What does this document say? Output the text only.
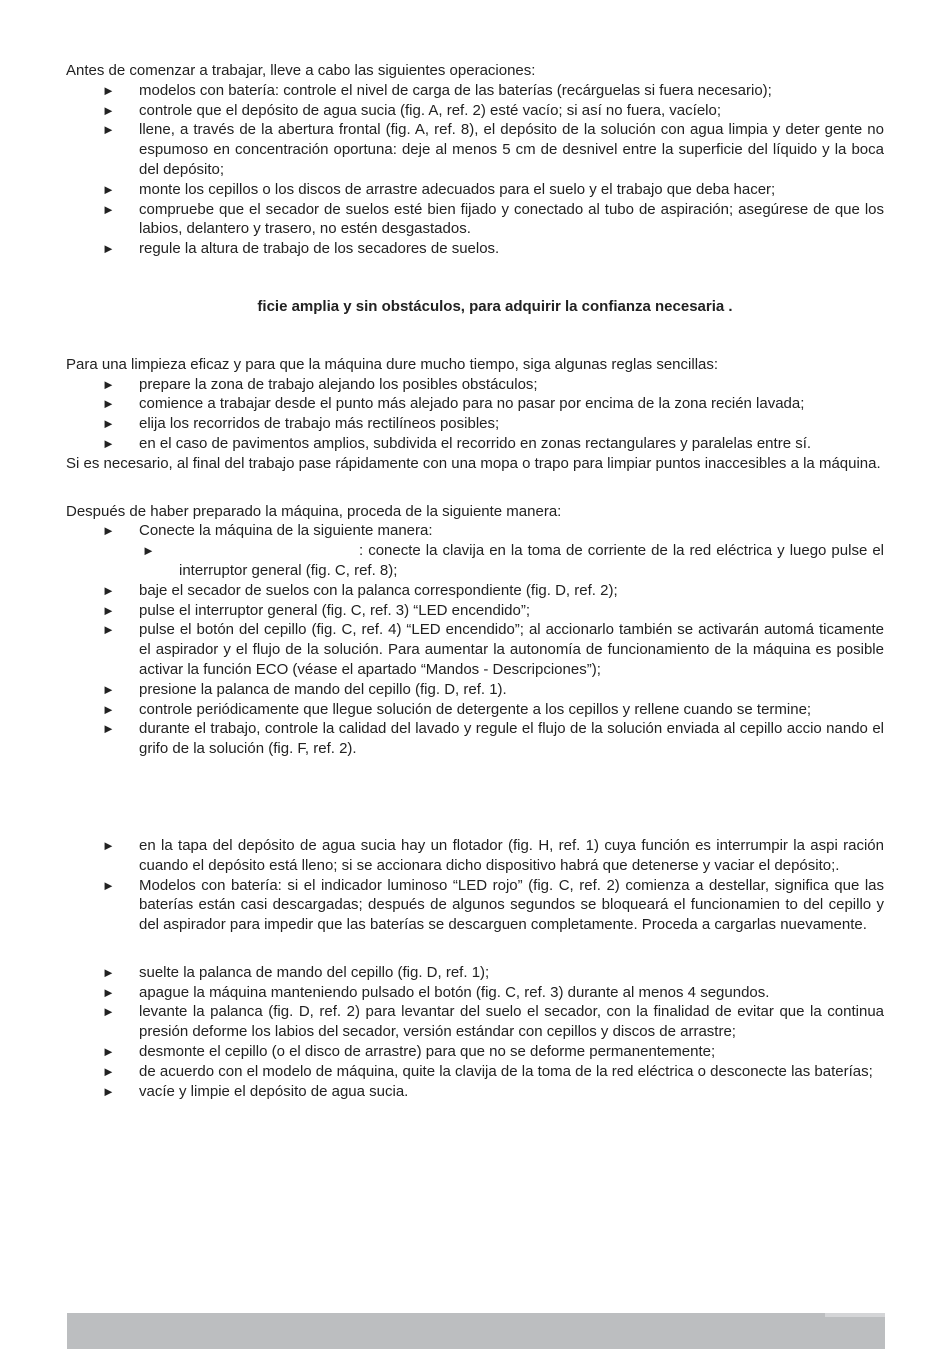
Antes de comenzar a trabajar, lleve a cabo las siguientes operaciones:

► modelos con batería: controle el nivel de carga de las baterías (recárguelas si fuera necesario);
► controle que el depósito de agua sucia (fig. A, ref. 2) esté vacío; si así no fuera, vacíelo;
► llene, a través de la abertura frontal (fig. A, ref. 8), el depósito de la solución con agua limpia y deter gente no espumoso en concentración oportuna: deje al menos 5 cm de desnivel entre la superficie del líquido y la boca del depósito;
► monte los cepillos o los discos de arrastre adecuados para el suelo y el trabajo que deba hacer;
► compruebe que el secador de suelos esté bien fijado y conectado al tubo de aspiración; asegúrese de que los labios, delantero y trasero, no estén desgastados.
► regule la altura de trabajo de los secadores de suelos.

ficie amplia y sin obstáculos, para adquirir la confianza necesaria .

Para una limpieza eficaz y para que la máquina dure mucho tiempo, siga algunas reglas sencillas:

► prepare la zona de trabajo alejando los posibles obstáculos;
► comience a trabajar desde el punto más alejado para no pasar por encima de la zona recién lavada;
► elija los recorridos de trabajo más rectilíneos posibles;
► en el caso de pavimentos amplios, subdivida el recorrido en zonas rectangulares y paralelas entre sí.

Si es necesario, al final del trabajo pase rápidamente con una mopa o trapo para limpiar puntos inaccesibles a la máquina.

Después de haber preparado la máquina, proceda de la siguiente manera:

► Conecte la máquina de la siguiente manera:
►	: conecte la clavija en la toma de corriente de la red eléctrica y luego pulse el interruptor general (fig. C, ref. 8);
► baje el secador de suelos con la palanca correspondiente (fig. D, ref. 2);
► pulse el interruptor general (fig. C, ref. 3) “LED encendido”;
► pulse el botón del cepillo (fig. C, ref. 4) “LED encendido”; al accionarlo también se activarán automá ticamente el aspirador y el flujo de la solución. Para aumentar la autonomía de funcionamiento de la máquina es posible activar la función ECO (véase el apartado “Mandos - Descripciones”);
► presione la palanca de mando del cepillo (fig. D, ref. 1).
► controle periódicamente que llegue solución de detergente a los cepillos y rellene cuando se termine;
► durante el trabajo, controle la calidad del lavado y regule el flujo de la solución enviada al cepillo accio nando el grifo de la solución (fig. F, ref. 2).
► en la tapa del depósito de agua sucia hay un flotador (fig. H, ref. 1) cuya función es interrumpir la aspi ración cuando el depósito está lleno; si se accionara dicho dispositivo habrá que detenerse y vaciar el depósito;.
► Modelos con batería: si el indicador luminoso “LED rojo” (fig. C, ref. 2) comienza a destellar, significa que las baterías están casi descargadas; después de algunos segundos se bloqueará el funcionamien to del cepillo y del aspirador para impedir que las baterías se descarguen completamente. Proceda a cargarlas nuevamente.
► suelte la palanca de mando del cepillo (fig. D, ref. 1);
► apague la máquina manteniendo pulsado el botón (fig. C, ref. 3) durante al menos 4 segundos.
► levante la palanca (fig. D, ref. 2) para levantar del suelo el secador, con la finalidad de evitar que la continua presión deforme los labios del secador, versión estándar con cepillos y discos de arrastre;
► desmonte el cepillo (o el disco de arrastre) para que no se deforme permanentemente;
► de acuerdo con el modelo de máquina, quite la clavija de la toma de la red eléctrica o desconecte las baterías;
► vacíe y limpie el depósito de agua sucia.
